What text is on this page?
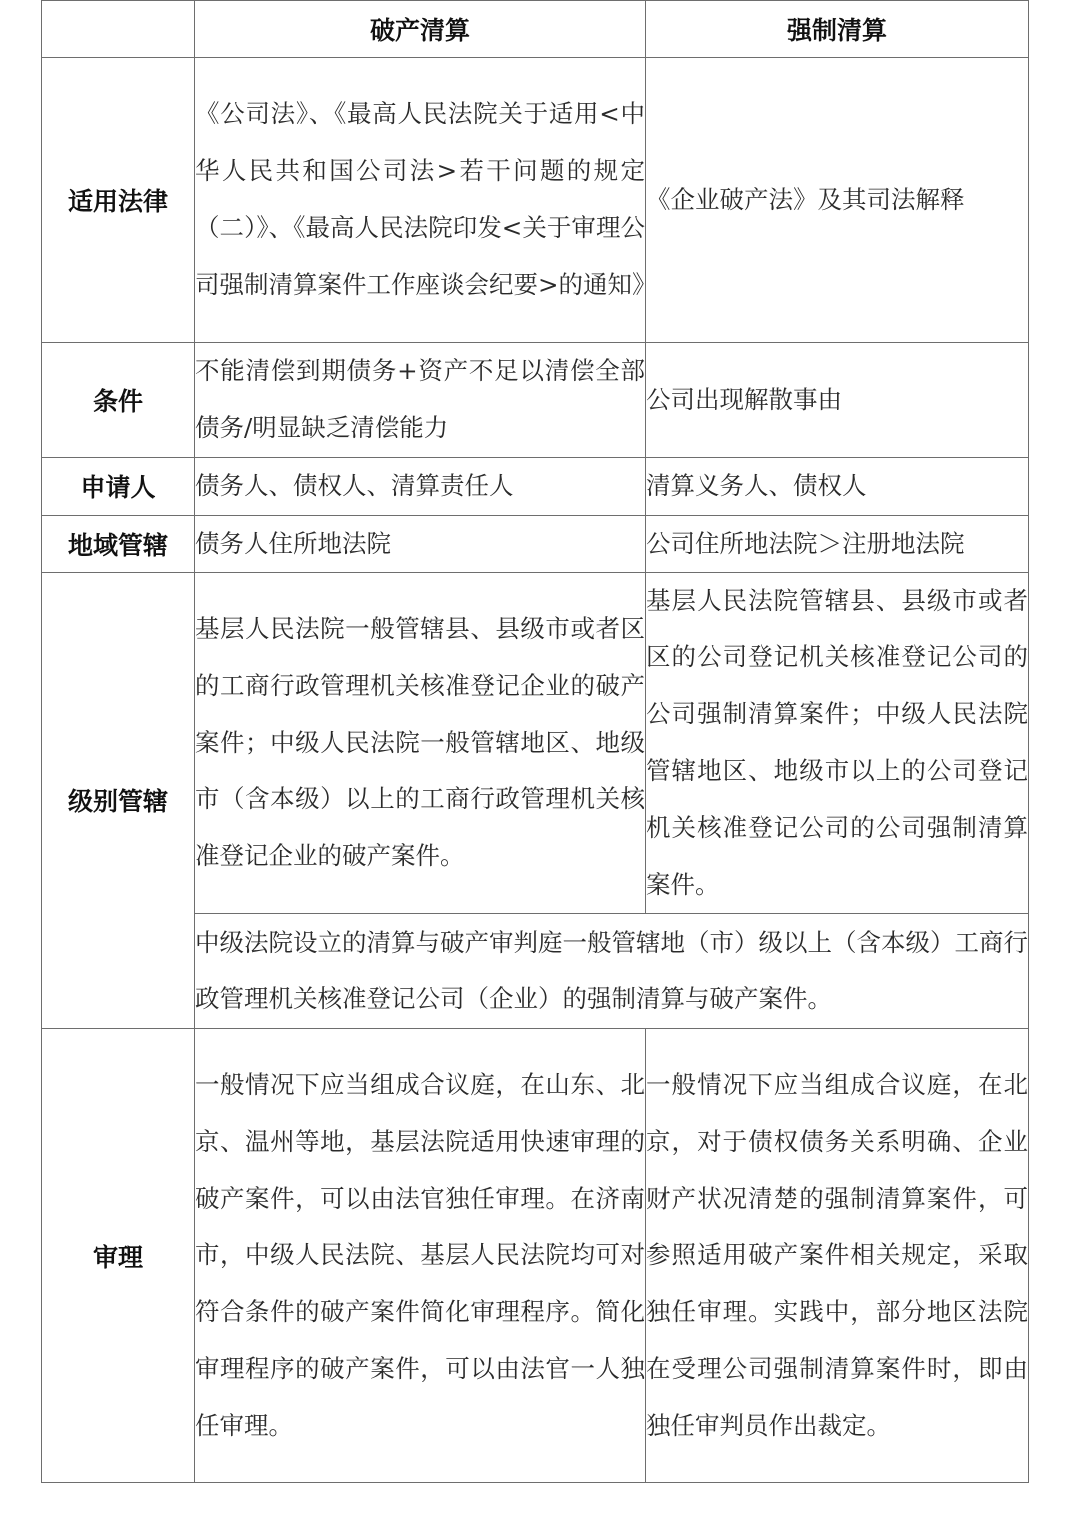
	破产清算	强制清算
适用法律	《公司法》、《最高人民法院关于适用<中华人民共和国公司法>若干问题的规定（二）》、《最高人民法院印发<关于审理公司强制清算案件工作座谈会纪要>的通知》	《企业破产法》及其司法解释
条件	不能清偿到期债务+资产不足以清偿全部债务/明显缺乏清偿能力	公司出现解散事由
申请人	债务人、债权人、清算责任人	清算义务人、债权人
地域管辖	债务人住所地法院	公司住所地法院＞注册地法院
级别管辖	基层人民法院一般管辖县、县级市或者区的工商行政管理机关核准登记企业的破产案件；中级人民法院一般管辖地区、地级市（含本级）以上的工商行政管理机关核准登记企业的破产案件。	基层人民法院管辖县、县级市或者区的公司登记机关核准登记公司的公司强制清算案件；中级人民法院管辖地区、地级市以上的公司登记机关核准登记公司的公司强制清算案件。
	中级法院设立的清算与破产审判庭一般管辖地（市）级以上（含本级）工商行政管理机关核准登记公司（企业）的强制清算与破产案件。	
审理	一般情况下应当组成合议庭，在山东、北京、温州等地，基层法院适用快速审理的破产案件，可以由法官独任审理。在济南市，中级人民法院、基层人民法院均可对符合条件的破产案件简化审理程序。简化审理程序的破产案件，可以由法官一人独任审理。	一般情况下应当组成合议庭，在北京，对于债权债务关系明确、企业财产状况清楚的强制清算案件，可参照适用破产案件相关规定，采取独任审理。实践中，部分地区法院在受理公司强制清算案件时，即由独任审判员作出裁定。
